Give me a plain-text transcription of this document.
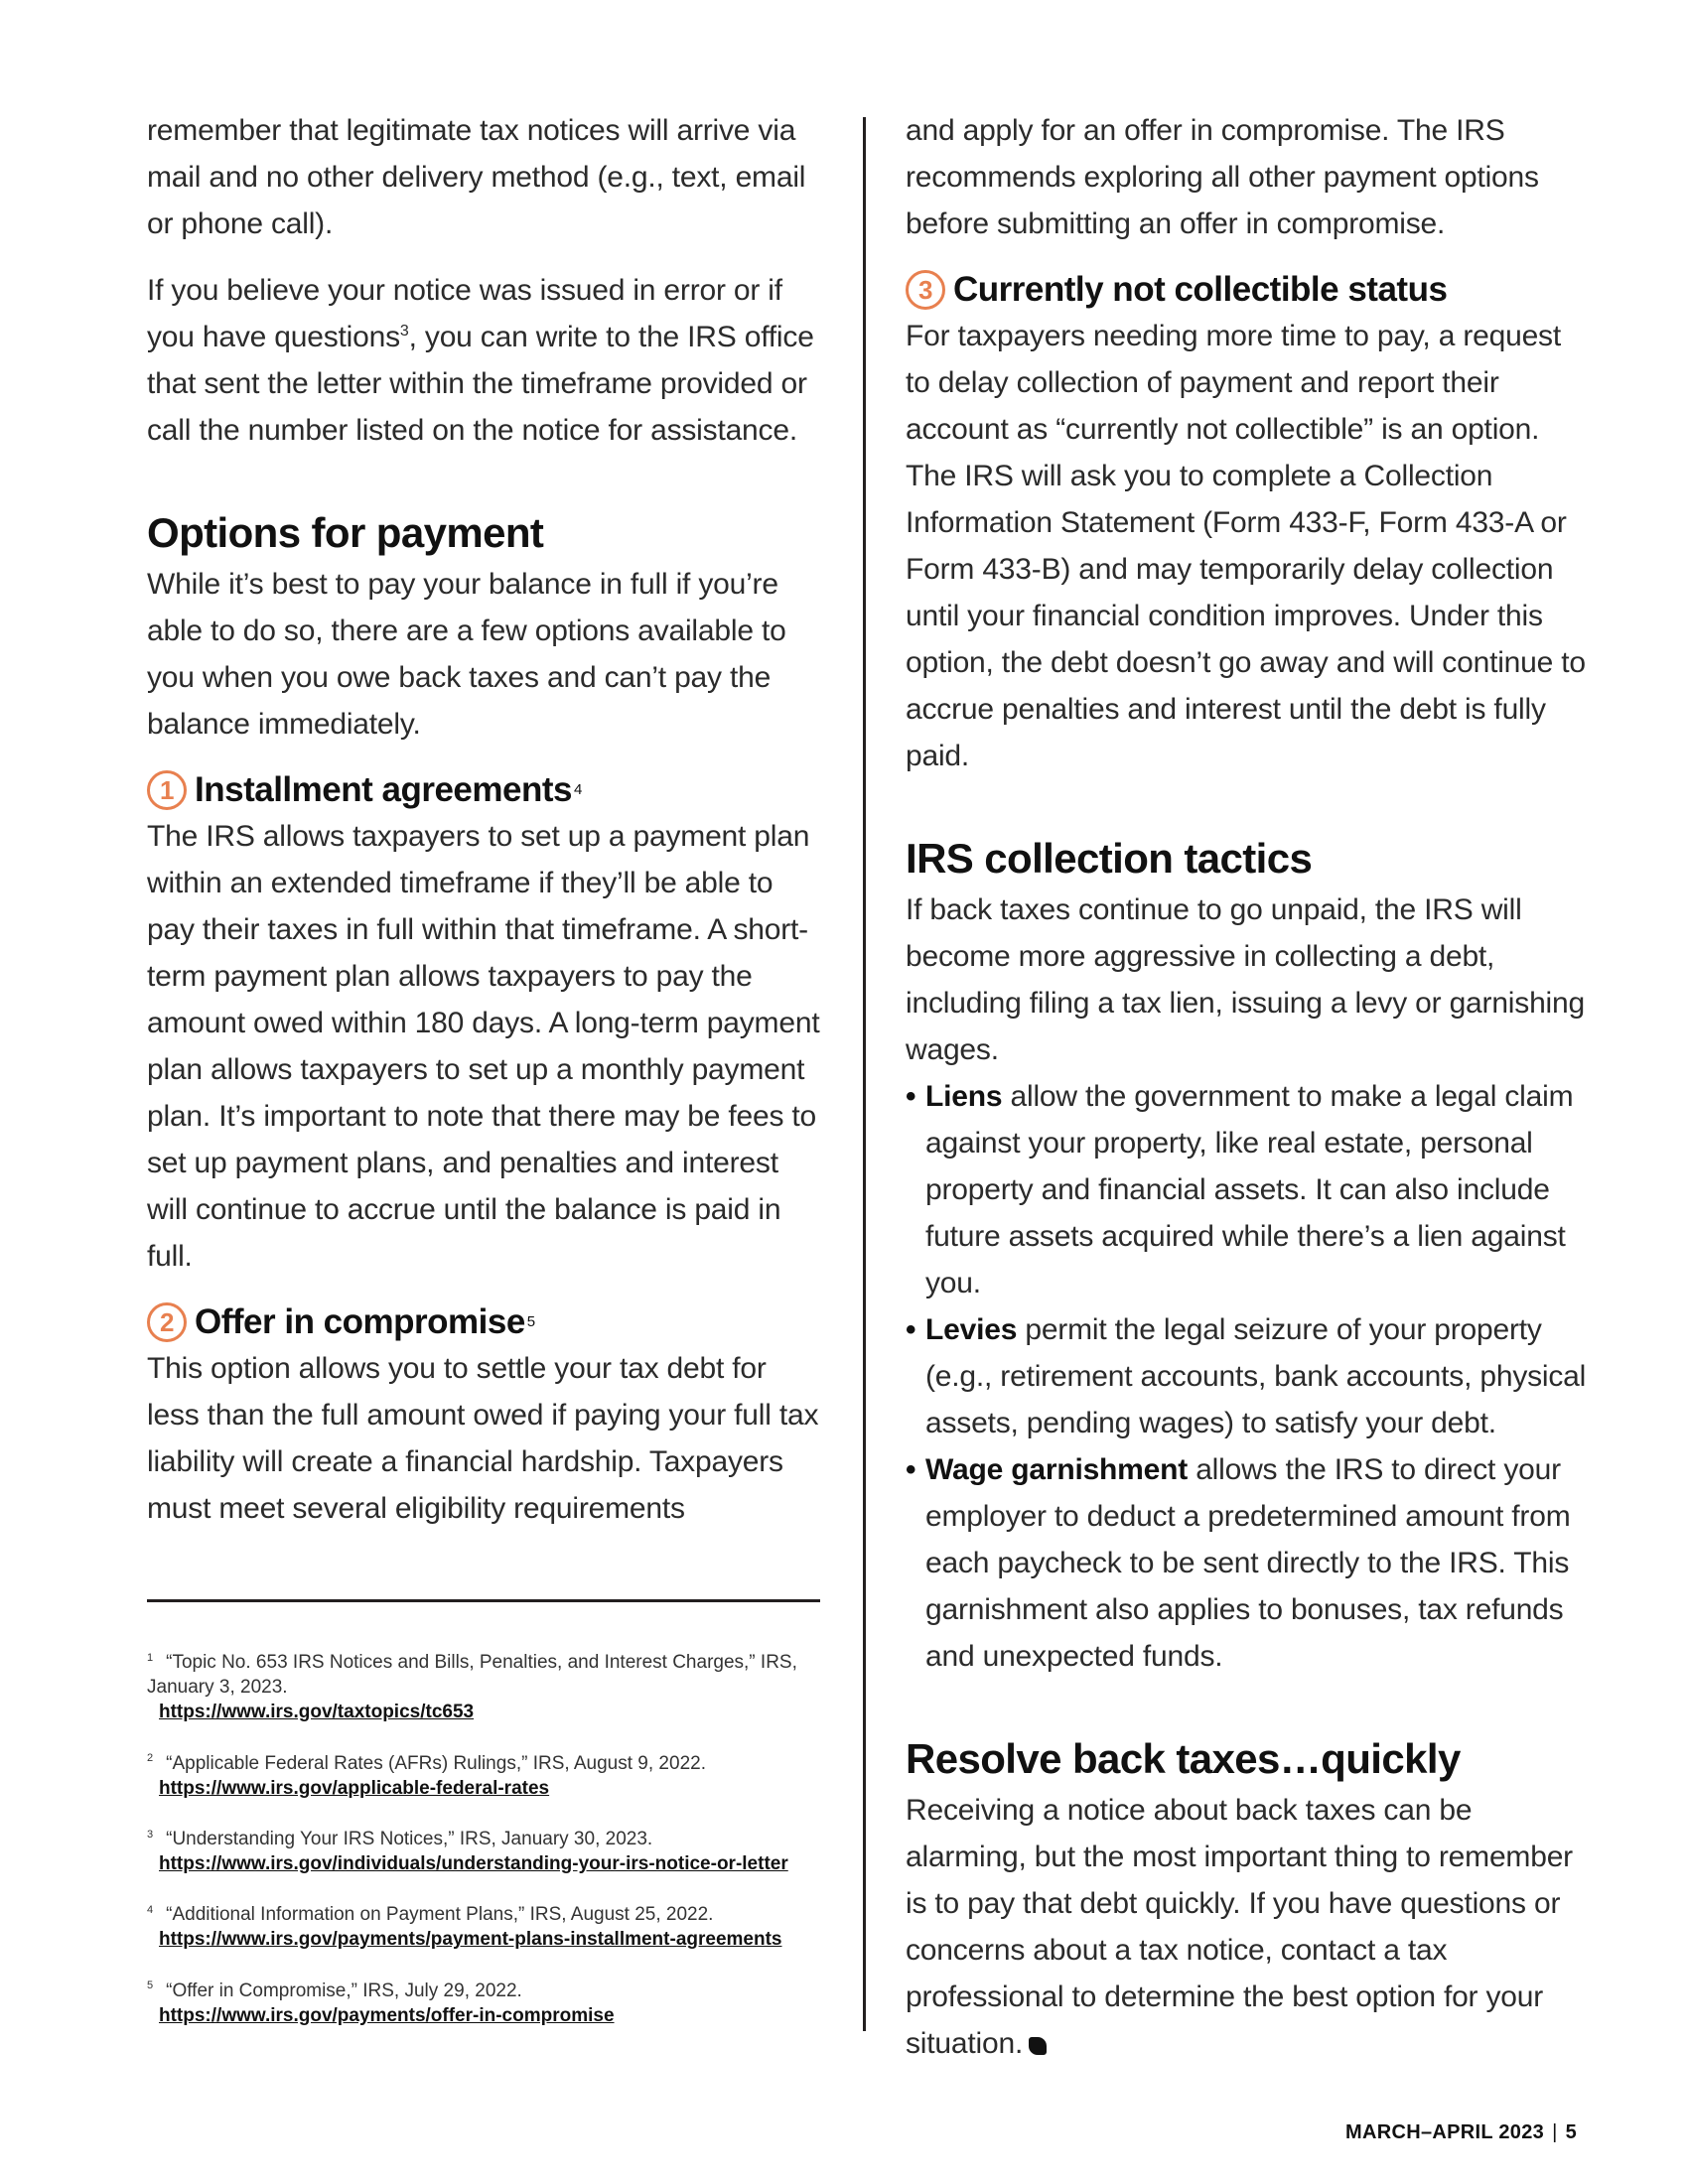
remember that legitimate tax notices will arrive via mail and no other delivery method (e.g., text, email or phone call).

If you believe your notice was issued in error or if you have questions$^3$, you can write to the IRS office that sent the letter within the timeframe provided or call the number listed on the notice for assistance.

Options for payment

While it’s best to pay your balance in full if you’re able to do so, there are a few options available to you when you owe back taxes and can’t pay the balance immediately.

1 Installment agreements 4

The IRS allows taxpayers to set up a payment plan within an extended timeframe if they’ll be able to pay their taxes in full within that timeframe. A short-term payment plan allows taxpayers to pay the amount owed within 180 days. A long-term payment plan allows taxpayers to set up a monthly payment plan. It’s important to note that there may be fees to set up payment plans, and penalties and interest will continue to accrue until the balance is paid in full.

2 Offer in compromise 5

This option allows you to settle your tax debt for less than the full amount owed if paying your full tax liability will create a financial hardship. Taxpayers must meet several eligibility requirements

$^1$ “Topic No. 653 IRS Notices and Bills, Penalties, and Interest Charges,” IRS, January 3, 2023.
https://www.irs.gov/taxtopics/tc653
$^2$ “Applicable Federal Rates (AFRs) Rulings,” IRS, August 9, 2022.
https://www.irs.gov/applicable-federal-rates
$^3$ “Understanding Your IRS Notices,” IRS, January 30, 2023.
https://www.irs.gov/individuals/understanding-your-irs-notice-or-letter
$^4$ “Additional Information on Payment Plans,” IRS, August 25, 2022.
https://www.irs.gov/payments/payment-plans-installment-agreements
$^5$ “Offer in Compromise,” IRS, July 29, 2022.
https://www.irs.gov/payments/offer-in-compromise

and apply for an offer in compromise. The IRS recommends exploring all other payment options before submitting an offer in compromise.

3 Currently not collectible status

For taxpayers needing more time to pay, a request to delay collection of payment and report their account as “currently not collectible” is an option. The IRS will ask you to complete a Collection Information Statement (Form 433-F, Form 433-A or Form 433-B) and may temporarily delay collection until your financial condition improves. Under this option, the debt doesn’t go away and will continue to accrue penalties and interest until the debt is fully paid.

IRS collection tactics

If back taxes continue to go unpaid, the IRS will become more aggressive in collecting a debt, including filing a tax lien, issuing a levy or garnishing wages.

• Liens allow the government to make a legal claim against your property, like real estate, personal property and financial assets. It can also include future assets acquired while there’s a lien against you.
• Levies permit the legal seizure of your property (e.g., retirement accounts, bank accounts, physical assets, pending wages) to satisfy your debt.
• Wage garnishment allows the IRS to direct your employer to deduct a predetermined amount from each paycheck to be sent directly to the IRS. This garnishment also applies to bonuses, tax refunds and unexpected funds.
Resolve back taxes…quickly

Receiving a notice about back taxes can be alarming, but the most important thing to remember is to pay that debt quickly. If you have questions or concerns about a tax notice, contact a tax professional to determine the best option for your situation.

MARCH–APRIL 2023 | 5
